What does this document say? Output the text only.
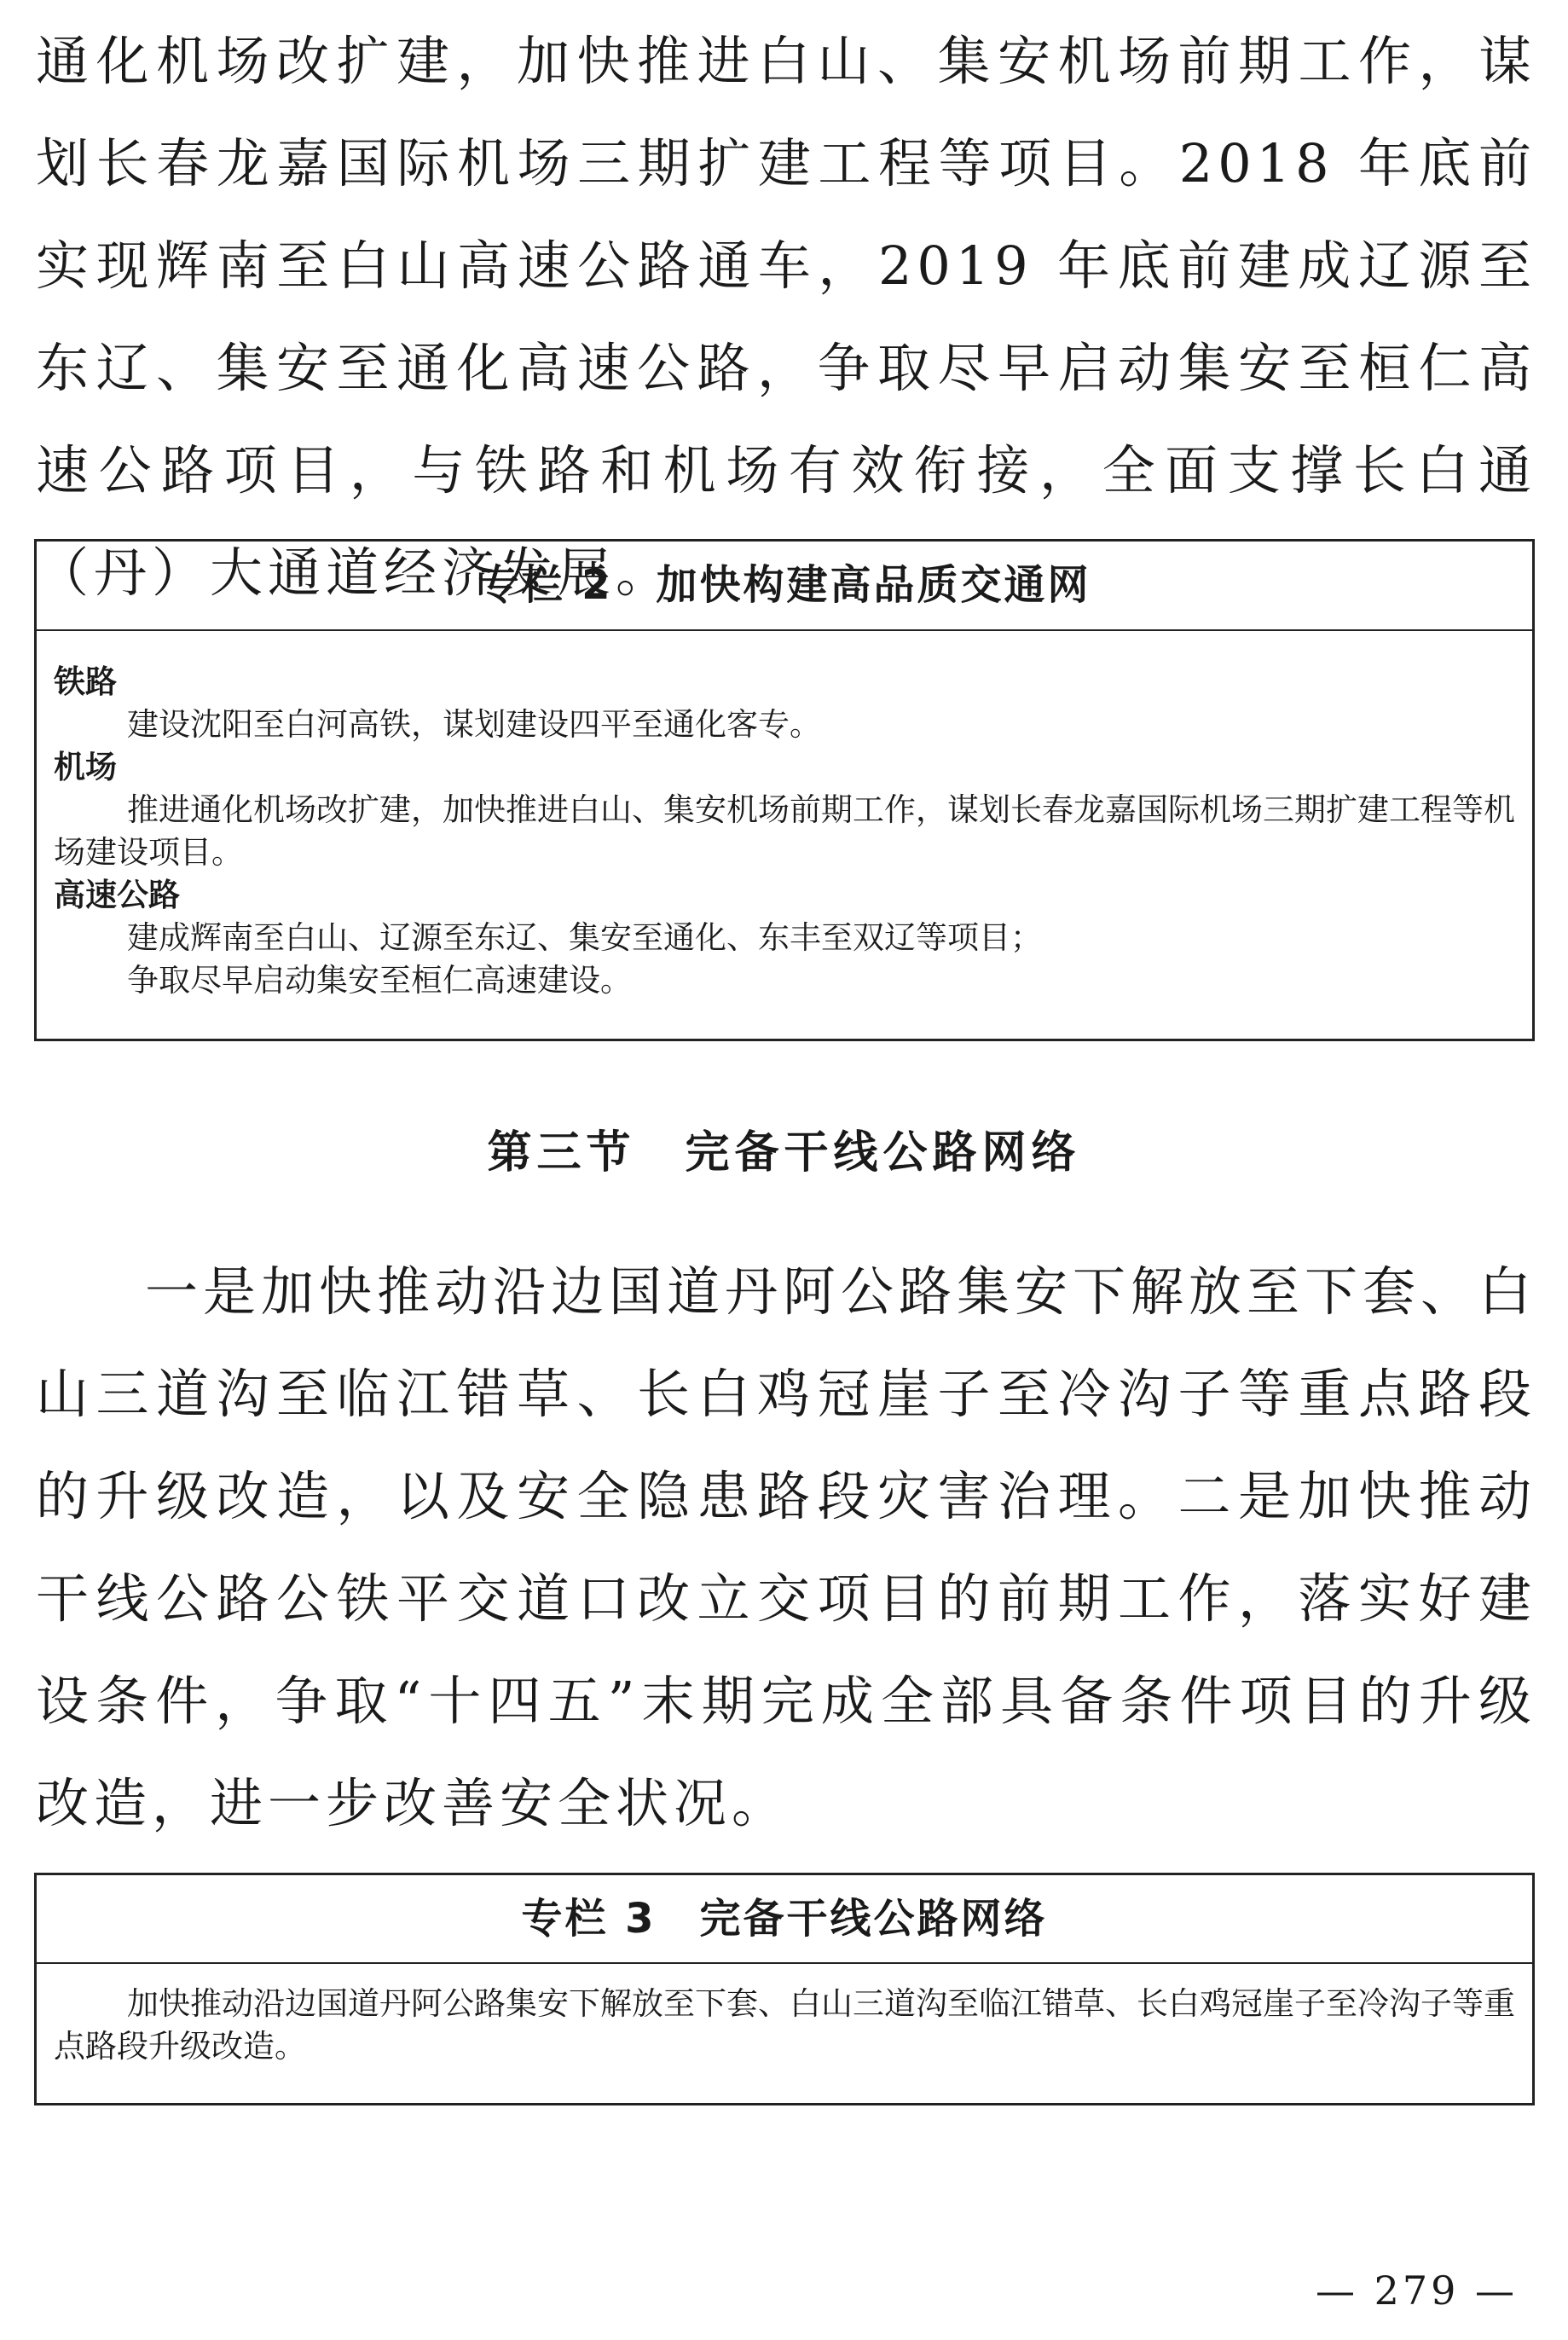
通化机场改扩建，加快推进白山、集安机场前期工作，谋划长春龙嘉国际机场三期扩建工程等项目。2018 年底前实现辉南至白山高速公路通车，2019 年底前建成辽源至东辽、集安至通化高速公路，争取尽早启动集安至桓仁高速公路项目，与铁路和机场有效衔接，全面支撑长白通（丹）大通道经济发展。

专栏 2　加快构建高品质交通网
铁路
建设沈阳至白河高铁，谋划建设四平至通化客专。
机场
推进通化机场改扩建，加快推进白山、集安机场前期工作，谋划长春龙嘉国际机场三期扩建工程等机场建设项目。
高速公路
建成辉南至白山、辽源至东辽、集安至通化、东丰至双辽等项目；
争取尽早启动集安至桓仁高速建设。
第三节　完备干线公路网络

一是加快推动沿边国道丹阿公路集安下解放至下套、白山三道沟至临江错草、长白鸡冠崖子至冷沟子等重点路段的升级改造，以及安全隐患路段灾害治理。二是加快推动干线公路公铁平交道口改立交项目的前期工作，落实好建设条件，争取“十四五”末期完成全部具备条件项目的升级改造，进一步改善安全状况。

专栏 3　完备干线公路网络
加快推动沿边国道丹阿公路集安下解放至下套、白山三道沟至临江错草、长白鸡冠崖子至冷沟子等重点路段升级改造。
— 279 —
